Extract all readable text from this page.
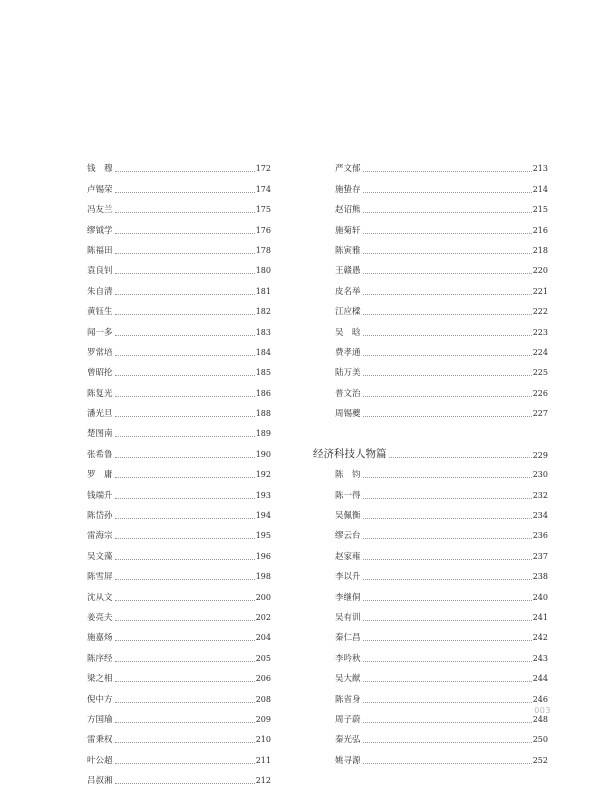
钱　穆	172
卢锡荣	174
冯友兰	175
缪钺学	176
陈福田	178
袁良钊	180
朱自清	181
黄钰生	182
闻一多	183
罗常培	184
曾昭抡	185
陈复光	186
潘光旦	188
楚图南	189
张希鲁	190
罗　庸	192
钱端升	193
陈岱孙	194
雷海宗	195
吴文藻	196
陈雪屏	198
沈从文	200
姜亮夫	202
施嘉炀	204
陈序经	205
梁之相	206
倪中方	208
方国瑜	209
雷秉权	210
叶公超	211
吕叔湘	212
严文郁	213
施蛰存	214
赵诏熊	215
施菊轩	216
陈寅雅	218
王赣愚	220
皮名举	221
江应樑	222
吴　晗	223
费孝通	224
陆万美	225
普文治	226
周锡夔	227
经济科技人物篇	229
陈　钧	230
陈一得	232
吴佩衡	234
缪云台	236
赵家雍	237
李以升	238
李继侗	240
吴有训	241
秦仁昌	242
李吟秋	243
吴大猷	244
陈省身	246
周子蔚	248
秦光弘	250
姚寻源	252
003
